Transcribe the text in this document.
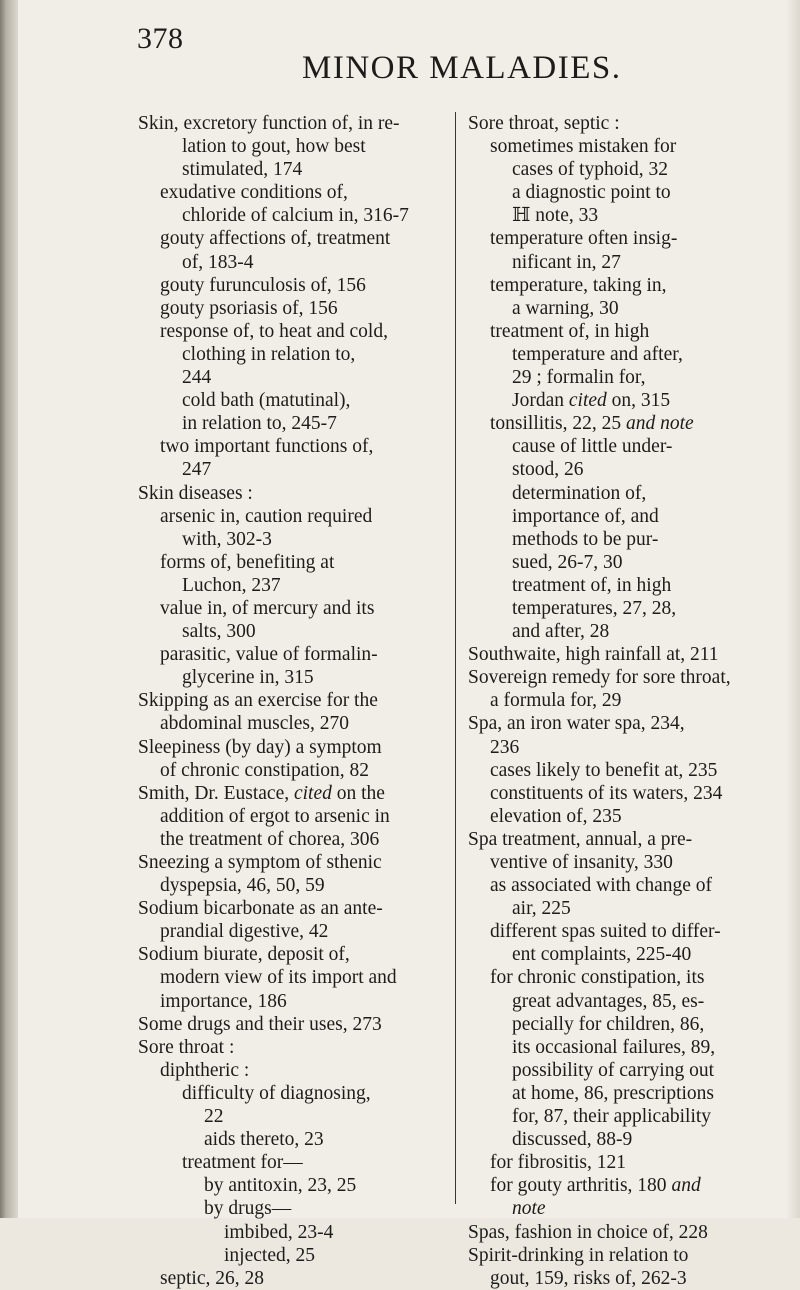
378
MINOR MALADIES.
Skin, excretory function of, in re-
lation to gout, how best
stimulated, 174
exudative conditions of,
chloride of calcium in, 316-7
gouty affections of, treatment
of, 183-4
gouty furunculosis of, 156
gouty psoriasis of, 156
response of, to heat and cold,
clothing in relation to,
244
cold bath (matutinal),
in relation to, 245-7
two important functions of,
247
Skin diseases :
arsenic in, caution required
with, 302-3
forms of, benefiting at
Luchon, 237
value in, of mercury and its
salts, 300
parasitic, value of formalin-
glycerine in, 315
Skipping as an exercise for the
abdominal muscles, 270
Sleepiness (by day) a symptom
of chronic constipation, 82
Smith, Dr. Eustace, cited on the
addition of ergot to arsenic in
the treatment of chorea, 306
Sneezing a symptom of sthenic
dyspepsia, 46, 50, 59
Sodium bicarbonate as an ante-
prandial digestive, 42
Sodium biurate, deposit of,
modern view of its import and
importance, 186
Some drugs and their uses, 273
Sore throat :
diphtheric :
difficulty of diagnosing,
22
aids thereto, 23
treatment for—
by antitoxin, 23, 25
by drugs—
imbibed, 23-4
injected, 25
septic, 26, 28
Sore throat, septic :
sometimes mistaken for
cases of typhoid, 32
a diagnostic point to
ℍ note, 33
temperature often insig-
nificant in, 27
temperature, taking in,
a warning, 30
treatment of, in high
temperature and after,
29 ; formalin for,
Jordan cited on, 315
tonsillitis, 22, 25 and note
cause of little under-
stood, 26
determination of,
importance of, and
methods to be pur-
sued, 26-7, 30
treatment of, in high
temperatures, 27, 28,
and after, 28
Southwaite, high rainfall at, 211
Sovereign remedy for sore throat,
a formula for, 29
Spa, an iron water spa, 234,
236
cases likely to benefit at, 235
constituents of its waters, 234
elevation of, 235
Spa treatment, annual, a pre-
ventive of insanity, 330
as associated with change of
air, 225
different spas suited to differ-
ent complaints, 225-40
for chronic constipation, its
great advantages, 85, es-
pecially for children, 86,
its occasional failures, 89,
possibility of carrying out
at home, 86, prescriptions
for, 87, their applicability
discussed, 88-9
for fibrositis, 121
for gouty arthritis, 180 and
note
Spas, fashion in choice of, 228
Spirit-drinking in relation to
gout, 159, risks of, 262-3
